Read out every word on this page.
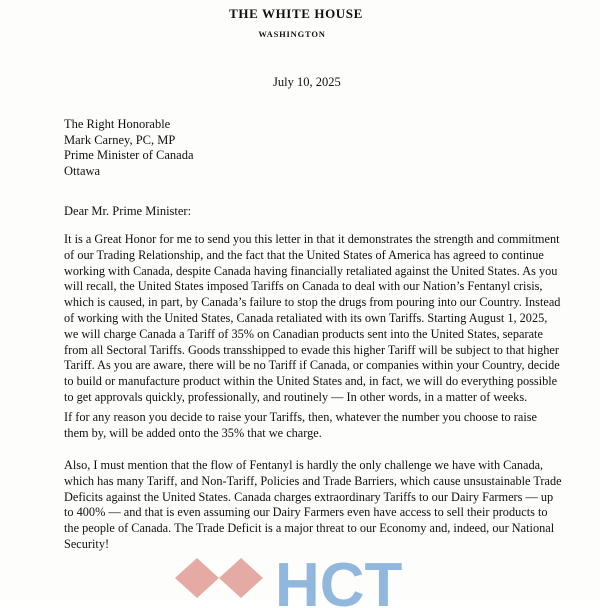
THE WHITE HOUSE
WASHINGTON
July 10, 2025
The Right Honorable
Mark Carney, PC, MP
Prime Minister of Canada
Ottawa
Dear Mr. Prime Minister:

It is a Great Honor for me to send you this letter in that it demonstrates the strength and commitment of our Trading Relationship, and the fact that the United States of America has agreed to continue working with Canada, despite Canada having financially retaliated against the United States. As you will recall, the United States imposed Tariffs on Canada to deal with our Nation’s Fentanyl crisis, which is caused, in part, by Canada’s failure to stop the drugs from pouring into our Country. Instead of working with the United States, Canada retaliated with its own Tariffs. Starting August 1, 2025, we will charge Canada a Tariff of 35% on Canadian products sent into the United States, separate from all Sectoral Tariffs. Goods transshipped to evade this higher Tariff will be subject to that higher Tariff. As you are aware, there will be no Tariff if Canada, or companies within your Country, decide to build or manufacture product within the United States and, in fact, we will do everything possible to get approvals quickly, professionally, and routinely — In other words, in a matter of weeks.

If for any reason you decide to raise your Tariffs, then, whatever the number you choose to raise them by, will be added onto the 35% that we charge.

Also, I must mention that the flow of Fentanyl is hardly the only challenge we have with Canada, which has many Tariff, and Non-Tariff, Policies and Trade Barriers, which cause unsustainable Trade Deficits against the United States. Canada charges extraordinary Tariffs to our Dairy Farmers — up to 400% — and that is even assuming our Dairy Farmers even have access to sell their products to the people of Canada. The Trade Deficit is a major threat to our Economy and, indeed, our National Security!

HCT
